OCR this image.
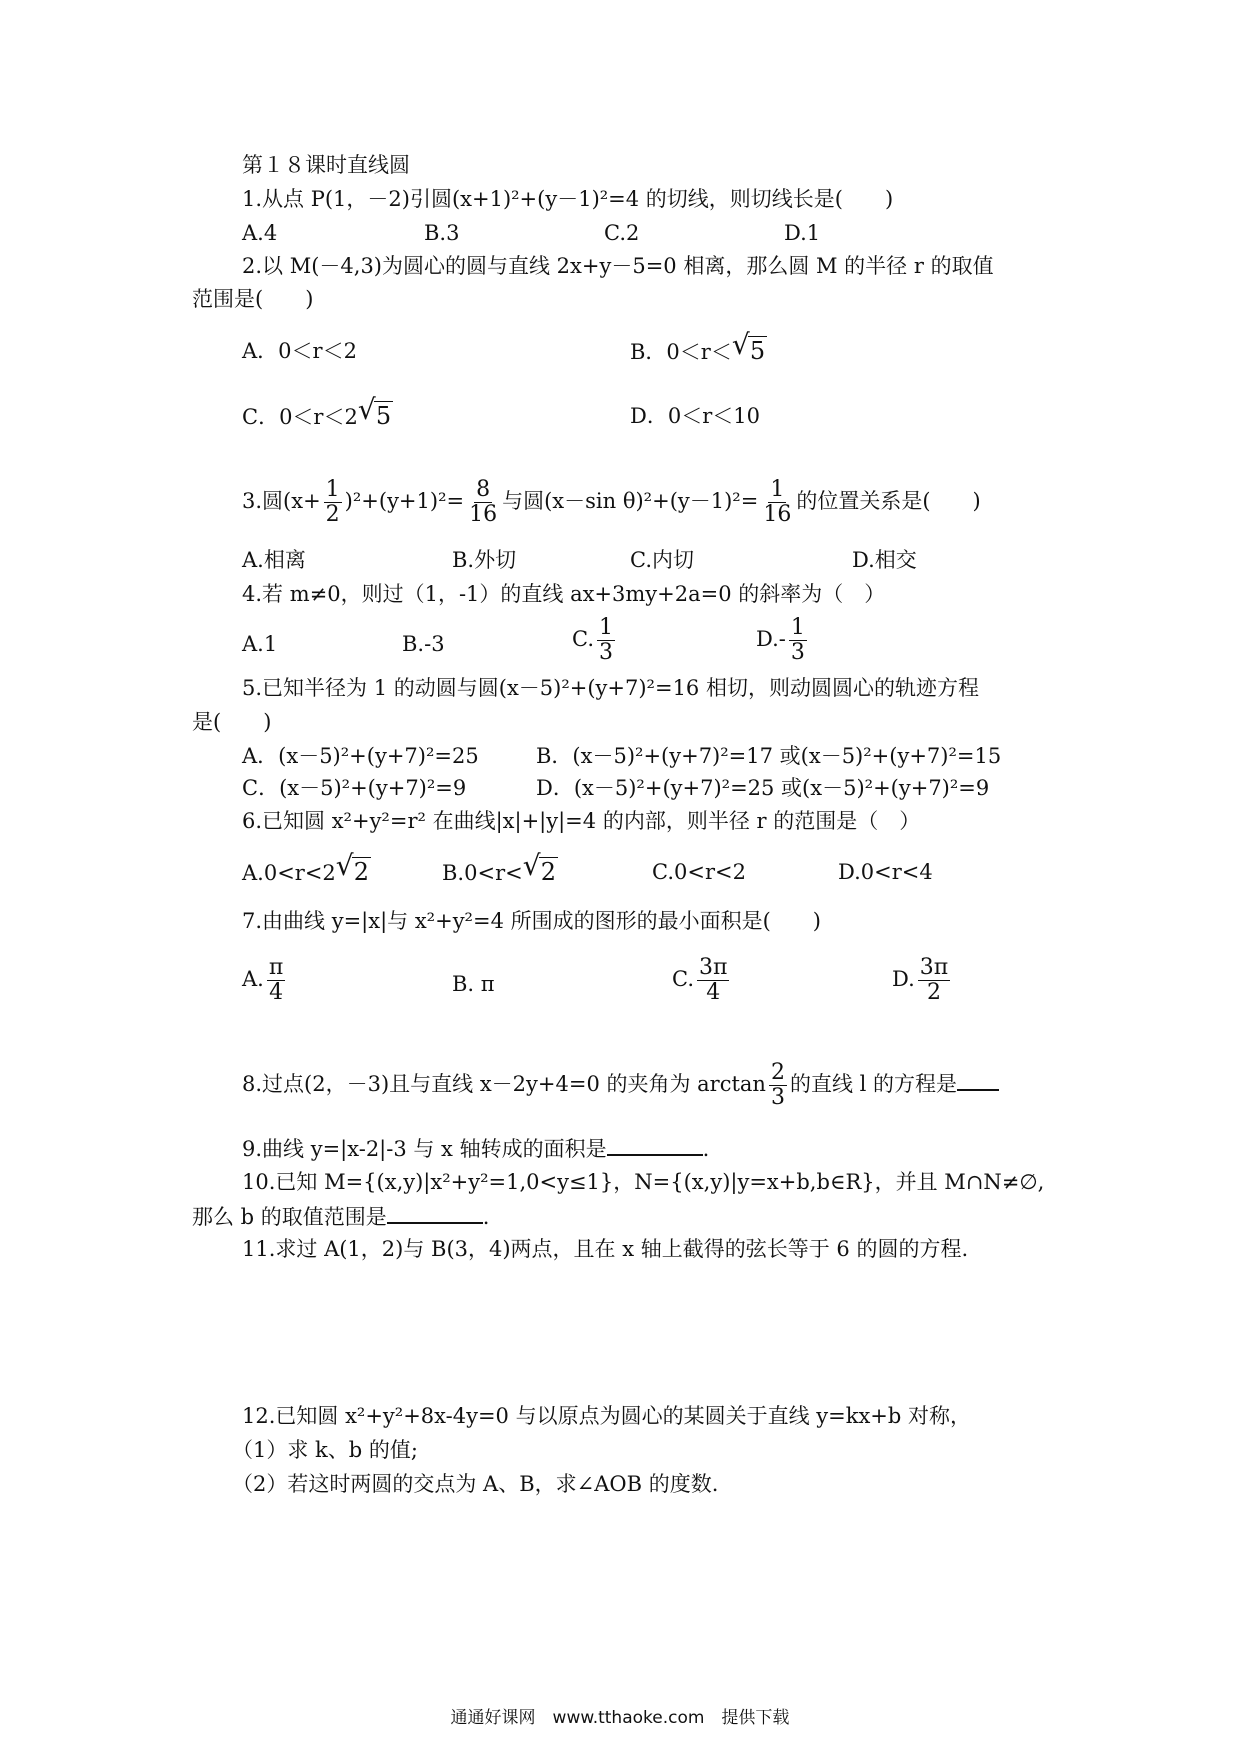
第１８课时直线圆
1.从点 P(1，－2)引圆(x+1)²+(y－1)²=4 的切线，则切线长是(　　)
A.4	B.3	C.2	D.1
2.以 M(－4,3)为圆心的圆与直线 2x+y－5=0 相离，那么圆 M 的半径 r 的取值
范围是(　　)
A．0＜r＜2	B．0＜r＜ √ 5
C．0＜r＜2 √ 5	D．0＜r＜10
3.圆$(x+ \frac{1}{2} )^2+(y+1)^2= \frac{8}{16}$ 与圆(x－sin $\theta)^2+(y-1)^2= \frac{1}{16}$ 的位置关系是(　　)
A.相离	B.外切	C.内切	D.相交
4.若 m≠0，则过（1，-1）的直线 ax+3my+2a=0 的斜率为（　）
A.1	B.-3	C. $\frac{1}{3}$	$D.- \frac{1}{3}$
5.已知半径为 1 的动圆与圆(x－5)²+(y+7)²=16 相切，则动圆圆心的轨迹方程
是(　　)
A．(x－5)²+(y+7)²=25	B．(x－5)²+(y+7)²=17 或(x－5)²+(y+7)²=15
C．(x－5)²+(y+7)²=9	D．(x－5)²+(y+7)²=25 或(x－5)²+(y+7)²=9
6.已知圆 x²+y²=r² 在曲线|x|+|y|=4 的内部，则半径 r 的范围是（　）
A.0<r<2 √ 2	B.0<r< √ 2	C.0<r<2	D.0<r<4
7.由曲线 y=|x|与 x²+y²=4 所围成的图形的最小面积是(　　)
A. $\frac{\pi}{4}$	B. π	C. $\frac{3\pi}{4}$	D. $\frac{3\pi}{2}$
8.过点(2，－3)且与直线 x－2y+4=0 的夹角为 $\arctan \frac{2}{3}$ 的直线 l 的方程是
9.曲线 y=|x-2|-3 与 x 轴转成的面积是	.
10.已知 M={(x,y)|x²+y²=1,0<y≤1}，N={(x,y)|y=x+b,b∈R}，并且 M∩N≠∅,
那么 b 的取值范围是	.
11.求过 A(1，2)与 B(3，4)两点，且在 x 轴上截得的弦长等于 6 的圆的方程.
12.已知圆 x²+y²+8x-4y=0 与以原点为圆心的某圆关于直线 y=kx+b 对称，
（1）求 k、b 的值;
（2）若这时两圆的交点为 A、B，求∠AOB 的度数.
通通好课网　www.tthaoke.com　提供下载
